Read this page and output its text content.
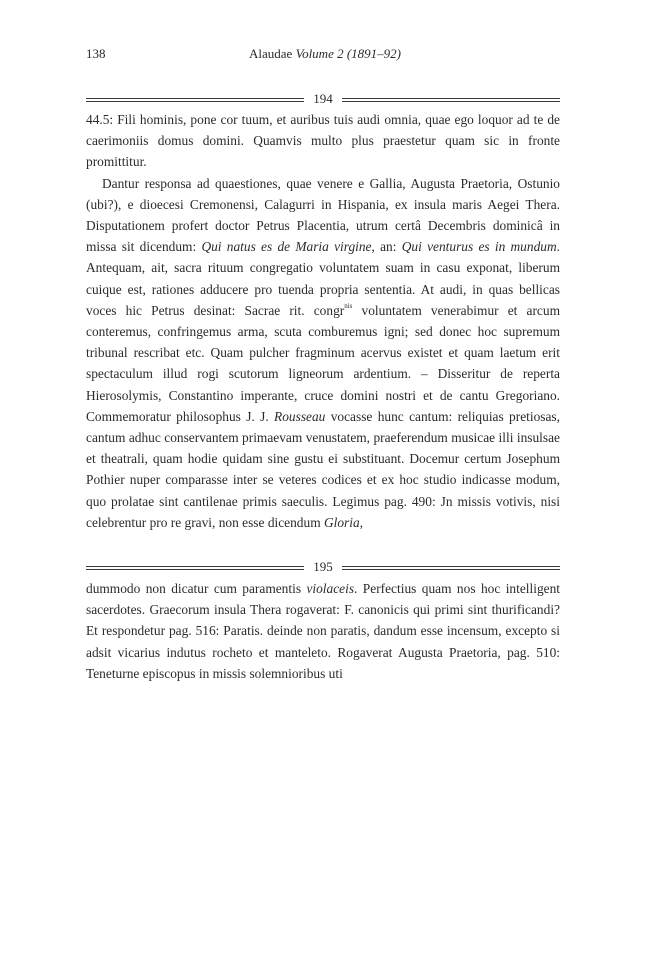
138	Alaudae Volume 2 (1891–92)
194

44.5: Fili hominis, pone cor tuum, et auribus tuis audi omnia, quae ego loquor ad te de caerimoniis domus domini. Quamvis multo plus praestetur quam sic in fronte promittitur.

Dantur responsa ad quaestiones, quae venere e Gallia, Augusta Praetoria, Ostunio (ubi?), e dioecesi Cremonensi, Calagurri in Hispania, ex insula maris Aegei Thera. Disputationem profert doctor Petrus Placentia, utrum certâ Decembris dominicâ in missa sit dicendum: Qui natus es de Maria virgine, an: Qui venturus es in mundum. Antequam, ait, sacra rituum congregatio voluntatem suam in casu exponat, liberum cuique est, rationes adducere pro tuenda propria sententia. At audi, in quas bellicas voces hic Petrus desinat: Sacrae rit. congr$^{nis}$ voluntatem venerabimur et arcum conteremus, confringemus arma, scuta comburemus igni; sed donec hoc supremum tribunal rescribat etc. Quam pulcher fragminum acervus existet et quam laetum erit spectaculum illud rogi scutorum ligneorum ardentium. – Disseritur de reperta Hierosolymis, Constantino imperante, cruce domini nostri et de cantu Gregoriano. Commemoratur philosophus J. J. Rousseau vocasse hunc cantum: reliquias pretiosas, cantum adhuc conservantem primaevam venustatem, praeferendum musicae illi insulsae et theatrali, quam hodie quidam sine gustu ei substituant. Docemur certum Josephum Pothier nuper comparasse inter se veteres codices et ex hoc studio indicasse modum, quo prolatae sint cantilenae primis saeculis. Legimus pag. 490: Jn missis votivis, nisi celebrentur pro re gravi, non esse dicendum Gloria,

195

dummodo non dicatur cum paramentis violaceis. Perfectius quam nos hoc intelligent sacerdotes. Graecorum insula Thera rogaverat: F. canonicis qui primi sint thurificandi? Et respondetur pag. 516: Paratis. deinde non paratis, dandum esse incensum, excepto si adsit vicarius indutus rocheto et manteleto. Rogaverat Augusta Praetoria, pag. 510: Teneturne episcopus in missis solemnioribus uti
